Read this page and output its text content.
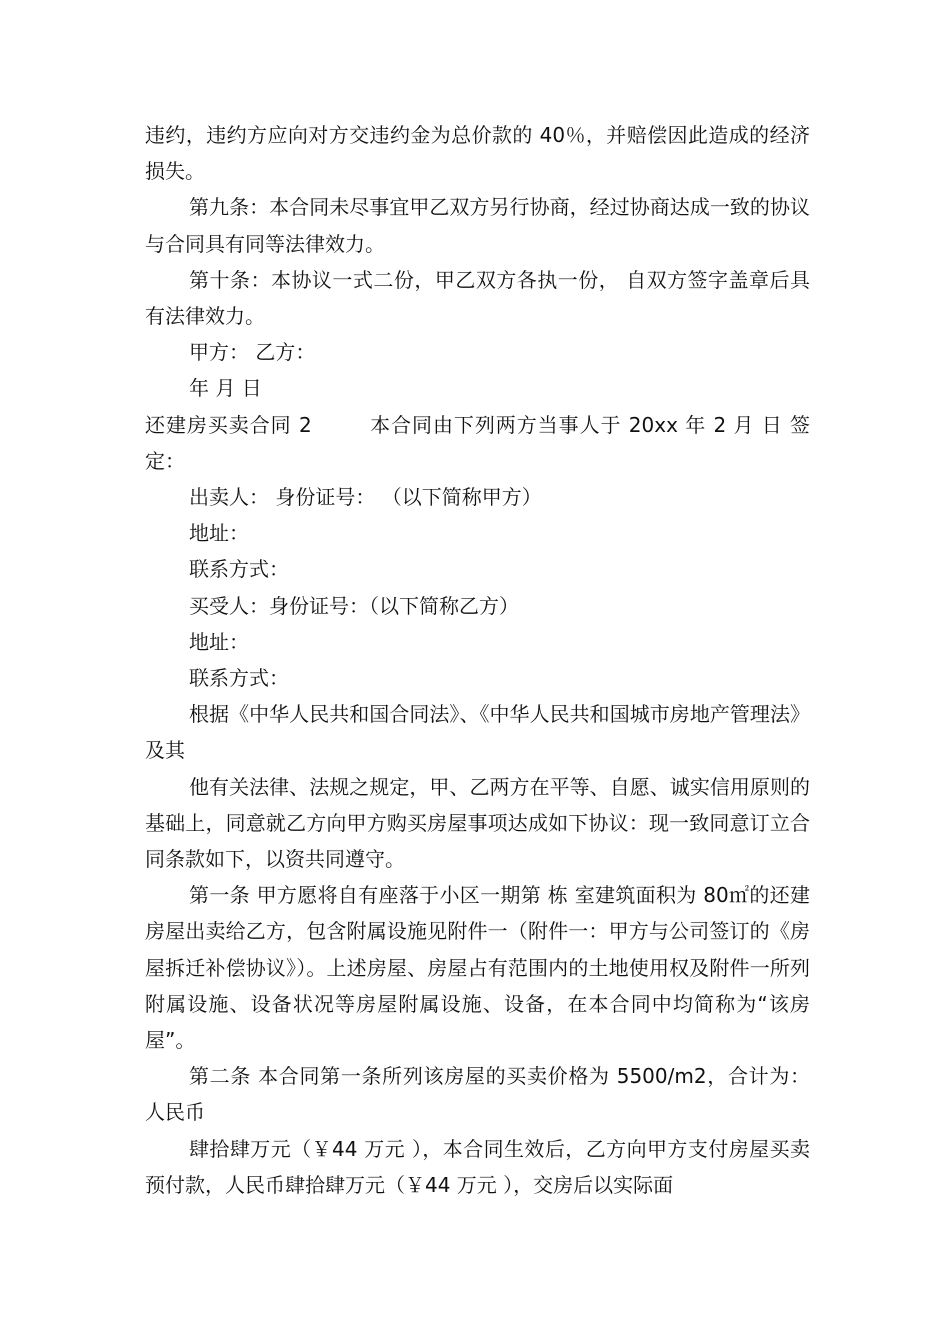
违约，违约方应向对方交违约金为总价款的 40％，并赔偿因此造成的经济损失。

第九条：本合同未尽事宜甲乙双方另行协商，经过协商达成一致的协议与合同具有同等法律效力。

第十条：本协议一式二份，甲乙双方各执一份， 自双方签字盖章后具有法律效力。

甲方： 乙方：

年 月 日

还建房买卖合同 2        本合同由下列两方当事人于 20xx 年 2 月 日 签定：

出卖人： 身份证号： （以下简称甲方）

地址：

联系方式：

买受人：身份证号：（以下简称乙方）

地址：

联系方式：

根据《中华人民共和国合同法》、《中华人民共和国城市房地产管理法》及其

他有关法律、法规之规定，甲、乙两方在平等、自愿、诚实信用原则的基础上，同意就乙方向甲方购买房屋事项达成如下协议：现一致同意订立合同条款如下，以资共同遵守。

第一条 甲方愿将自有座落于小区一期第 栋 室建筑面积为 80㎡的还建房屋出卖给乙方，包含附属设施见附件一（附件一：甲方与公司签订的《房屋拆迁补偿协议》）。上述房屋、房屋占有范围内的土地使用权及附件一所列附属设施、设备状况等房屋附属设施、设备，在本合同中均简称为“该房屋”。

第二条 本合同第一条所列该房屋的买卖价格为 5500/m2，合计为：人民币

肆拾肆万元（￥44 万元 ），本合同生效后，乙方向甲方支付房屋买卖预付款，人民币肆拾肆万元（￥44 万元 ），交房后以实际面
